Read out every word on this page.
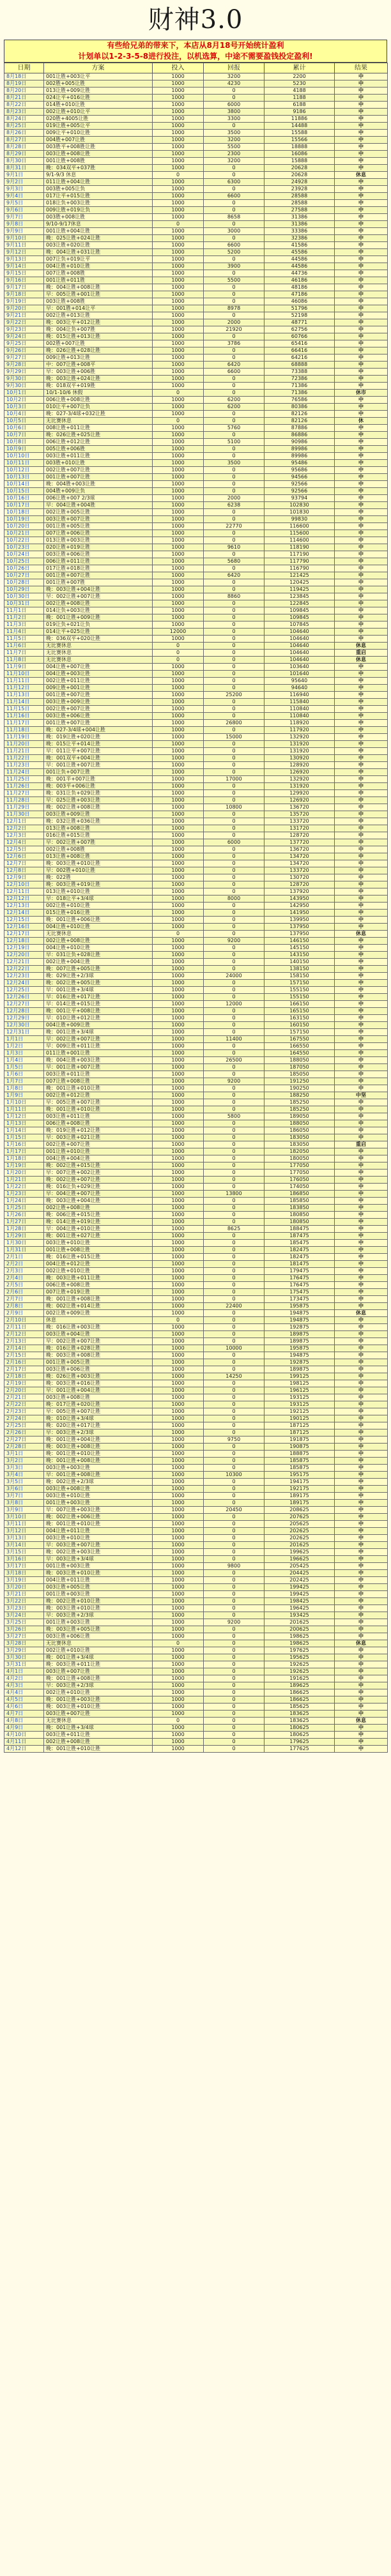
财神3.0
有些给兄弟的带来下，本店从8月18号开始统计盈利
计划单以1-2-3-5-8进行投注，以机选算，中途不需要盈钱投定盈利!
日期	方案	投入	回报	累计	结果
8月18日	001让胜+003让平	1000	3200	2200	中
8月19日	002胜+005让胜	1000	4230	5230	中
8月20日	013让胜+009让胜	1000	0	4188	中
8月21日	024让平+016让胜	1000	0	1188	中
8月22日	014胜+010让胜	1000	6000	6188	中
8月23日	002让胜+010让平	1000	3800	9186	中
8月24日	020胜+4005让胜	1000	3300	11886	中
8月25日	019让胜+005让平	1000	0	14488	中
8月26日	009让平+010让胜	1000	3500	15588	中
8月27日	004胜+007让胜	1000	3200	15566	中
8月28日	003胜平+008胜让胜	1000	5500	18888	中
8月29日	003让胜+008让胜	1000	2300	16086	中
8月30日	001让胜+008胜	1000	3200	15888	中
8月31日	晚：034双平+037胜	1000	0	20628	中
9月1日	9/1-9/3 休息	0	0	20628	休息
9月2日	011让胜+004让胜	1000	6300	24928	中
9月3日	003胜+005让负	1000	0	23928	中
9月4日	017让平+015让胜	1000	6600	28588	中
9月5日	018让负+003让胜	1000	0	28588	中
9月6日	009让胜+019让负	1000	0	27588	中
9月7日	003胜+008让胜	1000	8658	31386	中
9月8日	9/10-9/17休息	0	0	31386	中
9月9日	001让胜+004让胜	1000	3000	33386	中
9月10日	晚：025让胜+024让胜	1000	0	32386	中
9月11日	003让胜+020让胜	1000	6600	41586	中
9月12日	晚：004让胜+031让胜	1000	5200	45586	中
9月13日	007让负+019让平	1000	0	44586	中
9月14日	004让胜+010让胜	1000	3900	44586	中
9月15日	007让胜+008胜	1000	0	44736	中
9月16日	001让胜+011胜	1000	5500	46186	中
9月17日	晚：004让胜+008让胜	1000	0	48186	中
9月18日	早：005让胜+001让胜	1000	0	47186	中
9月19日	003让胜+008胜	1000	0	46086	中
9月20日	早：001胜+014让平	1000	8978	51796	中
9月21日	002让胜+013让胜	1000	0	52198	中
9月22日	晚：003让平+012让胜	1000	2000	48771	中
9月23日	晚：004让负+007胜	1000	21920	62756	中
9月24日	晚：015让胜+013让胜	1000	0	60766	中
9月25日	002胜+007让胜	1000	3786	65416	中
9月26日	晚：026让胜+028让胜	1000	0	66416	中
9月27日	009让胜+013让胜	1000	0	64216	中
9月28日	中：007让胜+008平	1000	6420	68888	中
9月29日	早：003让胜+006胜	1000	6600	73388	中
9月30日	晚：003让胜+024让胜	1000	0	72386	中
9月30日	晚：018双平+019胜	1000	0	71386	中
10月1日	10/1-10/6 休假	0	0	71386	休市
10月2日	006让胜+008让胜	1000	6200	76586	中
10月3日	010让平+007让负	1000	6200	80386	中
10月4日	晚：027-3/4球+032让胜	1000	0	82126	中
10月5日	无比赛休息	0	0	82126	休
10月6日	008让胜+011让胜	1000	5760	87886	中
10月7日	晚：026让胜+025让胜	1000	0	86886	中
10月8日	006让胜+012让胜	1000	5100	90986	中
10月9日	005让胜+006胜	1000	0	89986	中
10月10日	003让胜+011让胜	1000	0	89986	中
10月11日	003胜+010让胜	1000	3500	95486	中
10月12日	002让胜+007让胜	1000	0	95686	中
10月13日	001让胜+007让胜	1000	0	94566	中
10月14日	晚：004胜+003让胜	1000	0	92566	中
10月15日	004胜+009让负	1000	0	92566	中
10月16日	006让胜+007 2/3球	1000	2000	93794	中
10月17日	早：004让胜+004胜	1000	6238	102830	中
10月18日	002让胜+005让胜	1000	0	101830	中
10月19日	003让胜+007让胜	1000	0	99830	中
10月20日	001让胜+005让胜	1000	22770	116600	中
10月21日	007让胜+006让胜	1000	0	115600	中
10月22日	013让胜+003让胜	1000	0	114600	中
10月23日	020让胜+019让胜	1000	9610	118190	中
10月24日	003让胜+006让胜	1000	0	117190	中
10月25日	006让胜+011让胜	1000	5680	117790	中
10月26日	017让胜+018让胜	1000	0	116790	中
10月27日	001让胜+007让胜	1000	6420	121425	中
10月28日	001让胜+007胜	1000	0	120425	中
10月29日	晚：003让胜+004让胜	1000	0	119425	中
10月30日	早：002让胜+007让胜	1000	8860	123845	中
10月31日	002让胜+008让胜	1000	0	122845	中
11月1日	014让负+003让胜	1000	0	109845	中
11月2日	晚：001让胜+009让胜	1000	0	109845	中
11月3日	019让负+021让负	1000	0	107845	中
11月4日	014让平+025让胜	12000	0	104640	中
11月5日	晚：036双平+020让胜	1000	0	104640	中
11月6日	无比赛休息	0	0	104640	休息
11月7日	无比赛休息	0	0	104640	重启
11月8日	无比赛休息	0	0	104640	休息
11月9日	004让胜+007让胜	1000	0	103640	中
11月10日	004让胜+003让胜	1000	0	101640	中
11月11日	002让胜+011让胜	1000	0	95640	中
11月12日	009让胜+001让胜	1000	0	94640	中
11月13日	001让胜+007让胜	1000	25200	116940	中
11月14日	003让胜+009让胜	1000	0	115840	中
11月15日	002让胜+007让胜	1000	0	110840	中
11月16日	003让胜+006让胜	1000	0	110840	中
11月17日	001让胜+007让胜	1000	26800	118920	中
11月18日	晚：027-3/4球+004让胜	1000	0	117920	中
11月19日	晚：019让胜+020让胜	1000	15000	132920	中
11月20日	晚：015让平+014让胜	1000	0	131920	中
11月21日	早：011让平+007让胜	1000	0	131920	中
11月22日	晚：001双平+004让胜	1000	0	130920	中
11月23日	早：001让胜+007让胜	1000	0	128920	中
11月24日	001让负+007让胜	1000	0	126920	中
11月25日	晚：001半+007让胜	1000	17000	132920	中
11月26日	晚：003平+006让胜	1000	0	131920	中
11月27日	晚：031让负+029让胜	1000	0	129920	中
11月28日	早：025让胜+003让胜	1000	0	126920	中
11月29日	晚：002让胜+008让胜	1000	10800	136720	中
11月30日	003让胜+009让胜	1000	0	135720	中
12月1日	晚：032让胜+036让胜	1000	0	133720	中
12月2日	013让胜+008让胜	1000	0	131720	中
12月3日	016让胜+015让胜	1000	0	128720	中
12月4日	早：002让胜+007胜	1000	6000	137720	中
12月5日	002让胜+008胜	1000	0	136720	中
12月6日	013让胜+008让胜	1000	0	134720	中
12月7日	晚：003让胜+010让胜	1000	0	134720	中
12月8日	早：002胜+010让胜	1000	0	133720	中
12月9日	晚：022胜	1000	0	130720	中
12月10日	晚：003让胜+019让胜	1000	0	128720	中
12月11日	013让胜+010让胜	1000	0	137920	中
12月12日	早：018让平+3/4球	1000	8000	143950	中
12月13日	002让胜+010让胜	1000	0	142950	中
12月14日	015让胜+016让胜	1000	0	141950	中
12月15日	晚：001让胜+006让胜	1000	0	139950	中
12月16日	004让胜+010让胜	1000	0	137950	中
12月17日	无比赛休息	0	0	137950	休息
12月18日	002让胜+008让胜	1000	9200	146150	中
12月19日	004让胜+010让胜	1000	0	145150	中
12月20日	早：031让负+028让胜	1000	0	143150	中
12月21日	002让胜+004让胜	1000	0	140150	中
12月22日	晚：007让胜+005让胜	1000	0	138150	中
12月23日	晚：029让胜+2/3球	1000	24000	158150	中
12月24日	晚：002让胜+005让胜	1000	0	157150	中
12月25日	早：001让胜+3/4球	1000	0	155150	中
12月26日	早：016让胜+017让胜	1000	0	155150	中
12月27日	早：014让胜+015让胜	1000	12000	166150	中
12月28日	晚：001让平+008让胜	1000	0	165150	中
12月29日	早：010让胜+012让胜	1000	0	163150	中
12月30日	004让胜+009让胜	1000	0	160150	中
12月31日	晚：001让胜+3/4球	1000	0	157150	中
1月1日	早：002让胜+007让胜	1000	11400	167550	中
1月2日	早：009让胜+011让胜	1000	0	166550	中
1月3日	011让胜+001让胜	1000	0	164550	中
1月4日	晚：004让胜+003让胜	1000	26500	188050	中
1月5日	早：001让胜+007让胜	1000	0	187050	中
1月6日	003让胜+011让胜	1000	0	185050	中
1月7日	007让胜+008让胜	1000	9200	191250	中
1月8日	晚：001让胜+010让胜	1000	0	190250	中
1月9日	002让胜+012让胜	1000	0	188250	中坚
1月10日	早：005让胜+007让胜	1000	0	185250	中
1月11日	晚：001让胜+010让胜	1000	0	185250	中
1月12日	003让胜+011让胜	1000	5800	189050	中
1月13日	006让胜+008让胜	1000	0	188050	中
1月14日	晚：019让胜+012让胜	1000	0	186050	中
1月15日	早：003让胜+021让胜	1000	0	183050	中
1月16日	002让胜+007让胜	1000	0	183050	重启
1月17日	001让胜+010让胜	1000	0	182050	中
1月18日	004让胜+004让胜	1000	0	180050	中
1月19日	晚：002让胜+015让胜	1000	0	177050	中
1月20日	早：007让胜+002让胜	1000	0	177050	中
1月21日	晚：002让胜+007让胜	1000	0	176050	中
1月22日	晚：016让负+029让胜	1000	0	174050	中
1月23日	早：004让胜+007让胜	1000	13800	186850	中
1月24日	晚：003让胜+004让胜	1000	0	185850	中
1月25日	002让胜+008让胜	1000	0	183850	中
1月26日	晚：006让胜+015让胜	1000	0	180850	中
1月27日	晚：014让胜+019让胜	1000	0	180850	中
1月28日	早：004让胜+010让胜	1000	8625	188475	中
1月29日	晚：001让胜+027让胜	1000	0	187475	中
1月30日	003让胜+010让胜	1000	0	185475	中
1月31日	001让胜+008让胜	1000	0	182475	中
2月1日	晚：016让胜+015让胜	1000	0	182475	中
2月2日	004让胜+012让胜	1000	0	181475	中
2月3日	002让胜+010让胜	1000	0	179475	中
2月4日	晚：003让胜+011让胜	1000	0	176475	中
2月5日	006让胜+008让胜	1000	0	176475	中
2月6日	007让胜+019让胜	1000	0	175475	中
2月7日	晚：001让胜+008让胜	1000	0	173475	中
2月8日	晚：002让胜+014让胜	1000	22400	195875	中
2月9日	002让胜+009让胜	1000	0	194875	休息
2月10日	休息	0	0	194875	中
2月11日	晚：016让胜+003让胜	1000	0	192875	中
2月12日	003让胜+004让胜	1000	0	189875	中
2月13日	早：002让胜+007让胜	1000	0	189875	中
2月14日	晚：016让胜+028让胜	1000	10000	195875	中
2月15日	晚：003让胜+008让胜	1000	0	194875	中
2月16日	001让胜+005让胜	1000	0	192875	中
2月17日	003让胜+006让胜	1000	0	189875	中
2月18日	晚：026让胜+003让胜	1000	14250	199125	中
2月19日	晚：003让胜+016让胜	1000	0	198125	中
2月20日	早：001让胜+004让胜	1000	0	196125	中
2月21日	003让胜+008让胜	1000	0	193125	中
2月22日	晚：017让胜+020让胜	1000	0	193125	中
2月23日	早：005让胜+007让胜	1000	0	192125	中
2月24日	晚：010让胜+3/4球	1000	0	190125	中
2月25日	晚：020让胜+017让胜	1000	0	187125	中
2月26日	早：003让胜+2/3球	1000	0	187125	中
2月27日	晚：001让胜+004让胜	1000	9750	191875	中
2月28日	晚：003让胜+008让胜	1000	0	190875	中
3月1日	晚：001让胜+010让胜	1000	0	188875	中
3月2日	晚：001让胜+008让胜	1000	0	185875	中
3月3日	003让胜+003让胜	1000	0	185875	中
3月4日	早：001让胜+008让胜	1000	10300	195175	中
3月5日	晚：002让胜+2/3球	1000	0	194175	中
3月6日	003让胜+008让胜	1000	0	192175	中
3月7日	003让胜+010让胜	1000	0	189175	中
3月8日	001让胜+003让胜	1000	0	189175	中
3月9日	早：007让胜+003让胜	1000	20450	208625	中
3月10日	晚：002让胜+006让胜	1000	0	207625	中
3月11日	晚：001让胜+010让胜	1000	0	205625	中
3月12日	004让胜+011让胜	1000	0	202625	中
3月13日	003让胜+010让胜	1000	0	202625	中
3月14日	早：003让胜+007让胜	1000	0	201625	中
3月15日	晚：002让胜+003让胜	1000	0	199625	中
3月16日	早：003让胜+3/4球	1000	0	196625	中
3月17日	001让胜+003让胜	1000	9800	205425	中
3月18日	晚：003让胜+010让胜	1000	0	204425	中
3月19日	004让胜+011让胜	1000	0	202425	中
3月20日	003让胜+005让胜	1000	0	199425	中
3月21日	001让胜+003让胜	1000	0	199425	中
3月22日	晚：002让胜+010让胜	1000	0	198425	中
3月23日	晚：003让胜+010让胜	1000	0	196425	中
3月24日	早：003让胜+2/3球	1000	0	193425	中
3月25日	001让胜+003让胜	1000	9200	201625	中
3月26日	晚：003让胜+005让胜	1000	0	200625	中
3月27日	003让胜+006让胜	1000	0	198625	中
3月28日	无比赛休息	0	0	198625	休息
3月29日	002让胜+010让胜	1000	0	197625	中
3月30日	晚：001让胜+3/4球	1000	0	195625	中
3月31日	晚：003让胜+011让胜	1000	0	192625	中
4月1日	003让胜+007让胜	1000	0	192625	中
4月2日	晚：001让胜+008让胜	1000	0	191625	中
4月3日	早：003让胜+2/3球	1000	0	189625	中
4月4日	002让胜+010让胜	1000	0	186625	中
4月5日	晚：001让胜+003让胜	1000	0	186625	中
4月6日	晚：003让胜+010让胜	1000	0	185625	中
4月7日	003让胜+007让胜	1000	0	183625	中
4月8日	无比赛休息	0	0	183625	休息
4月9日	晚：001让胜+3/4球	1000	0	180625	中
4月10日	003让胜+011让胜	1000	0	180625	中
4月11日	002让胜+008让胜	1000	0	179625	中
4月12日	晚：001让胜+010让胜	1000	0	177625	中
